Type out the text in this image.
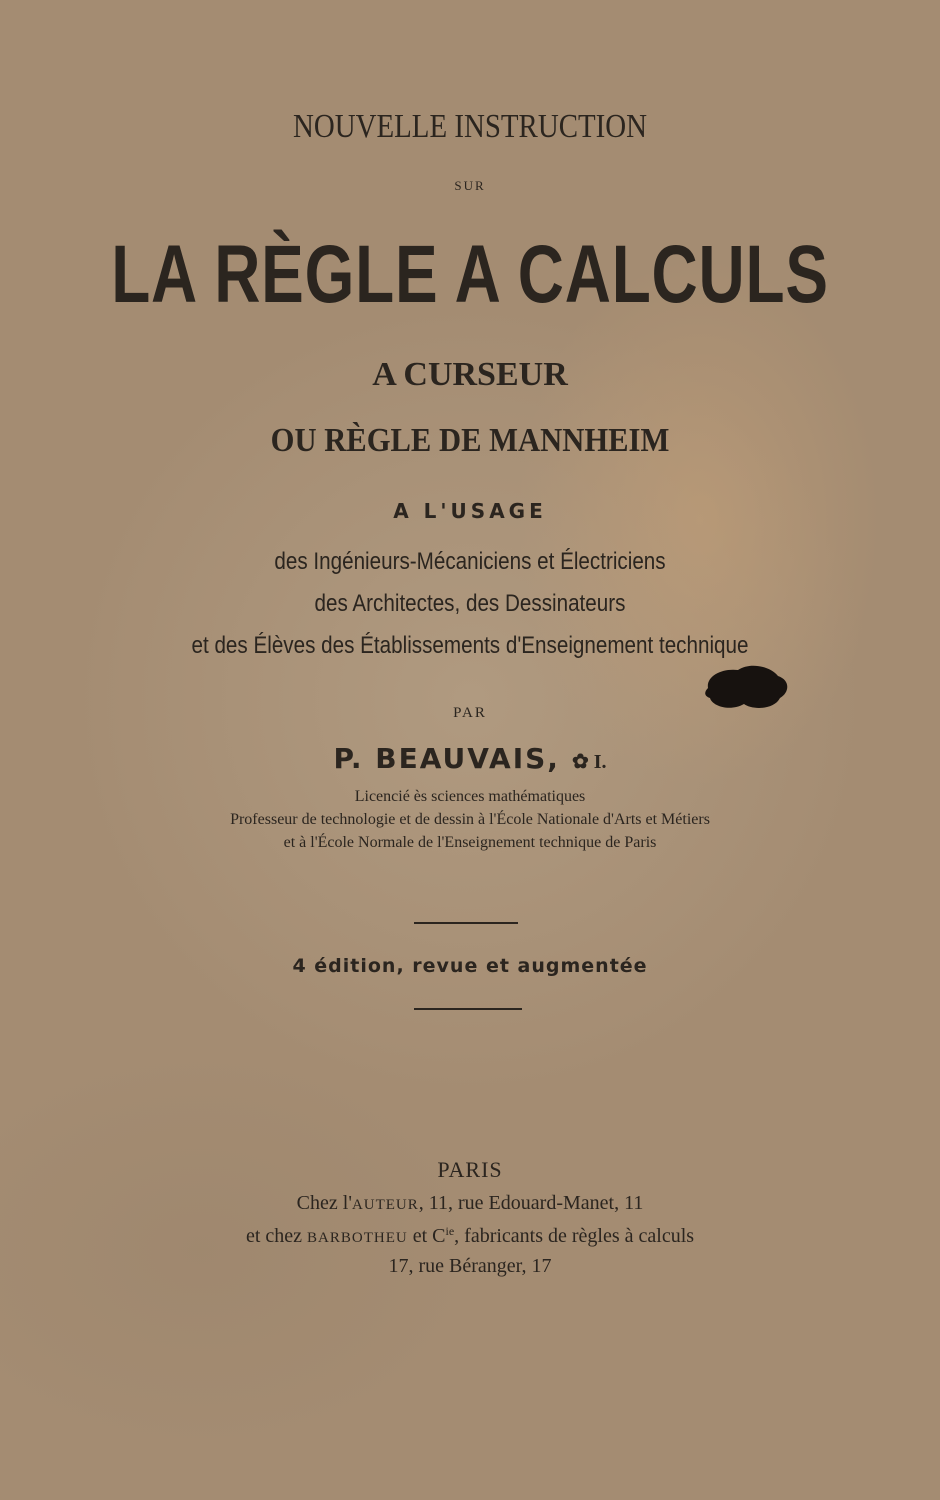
NOUVELLE INSTRUCTION
SUR
LA RÈGLE A CALCULS
A CURSEUR
OU RÈGLE DE MANNHEIM
A L'USAGE
des Ingénieurs-Mécaniciens et Électriciens
des Architectes, des Dessinateurs
et des Élèves des Établissements d'Enseignement technique
PAR
P. BEAUVAIS, ✿ I.
Licencié ès sciences mathématiques
Professeur de technologie et de dessin à l'École Nationale d'Arts et Métiers
et à l'École Normale de l'Enseignement technique de Paris
4 édition, revue et augmentée
PARIS
Chez l'AUTEUR, 11, rue Edouard-Manet, 11
et chez BARBOTHEU et $C^{ie}$, fabricants de règles à calculs
17, rue Béranger, 17
